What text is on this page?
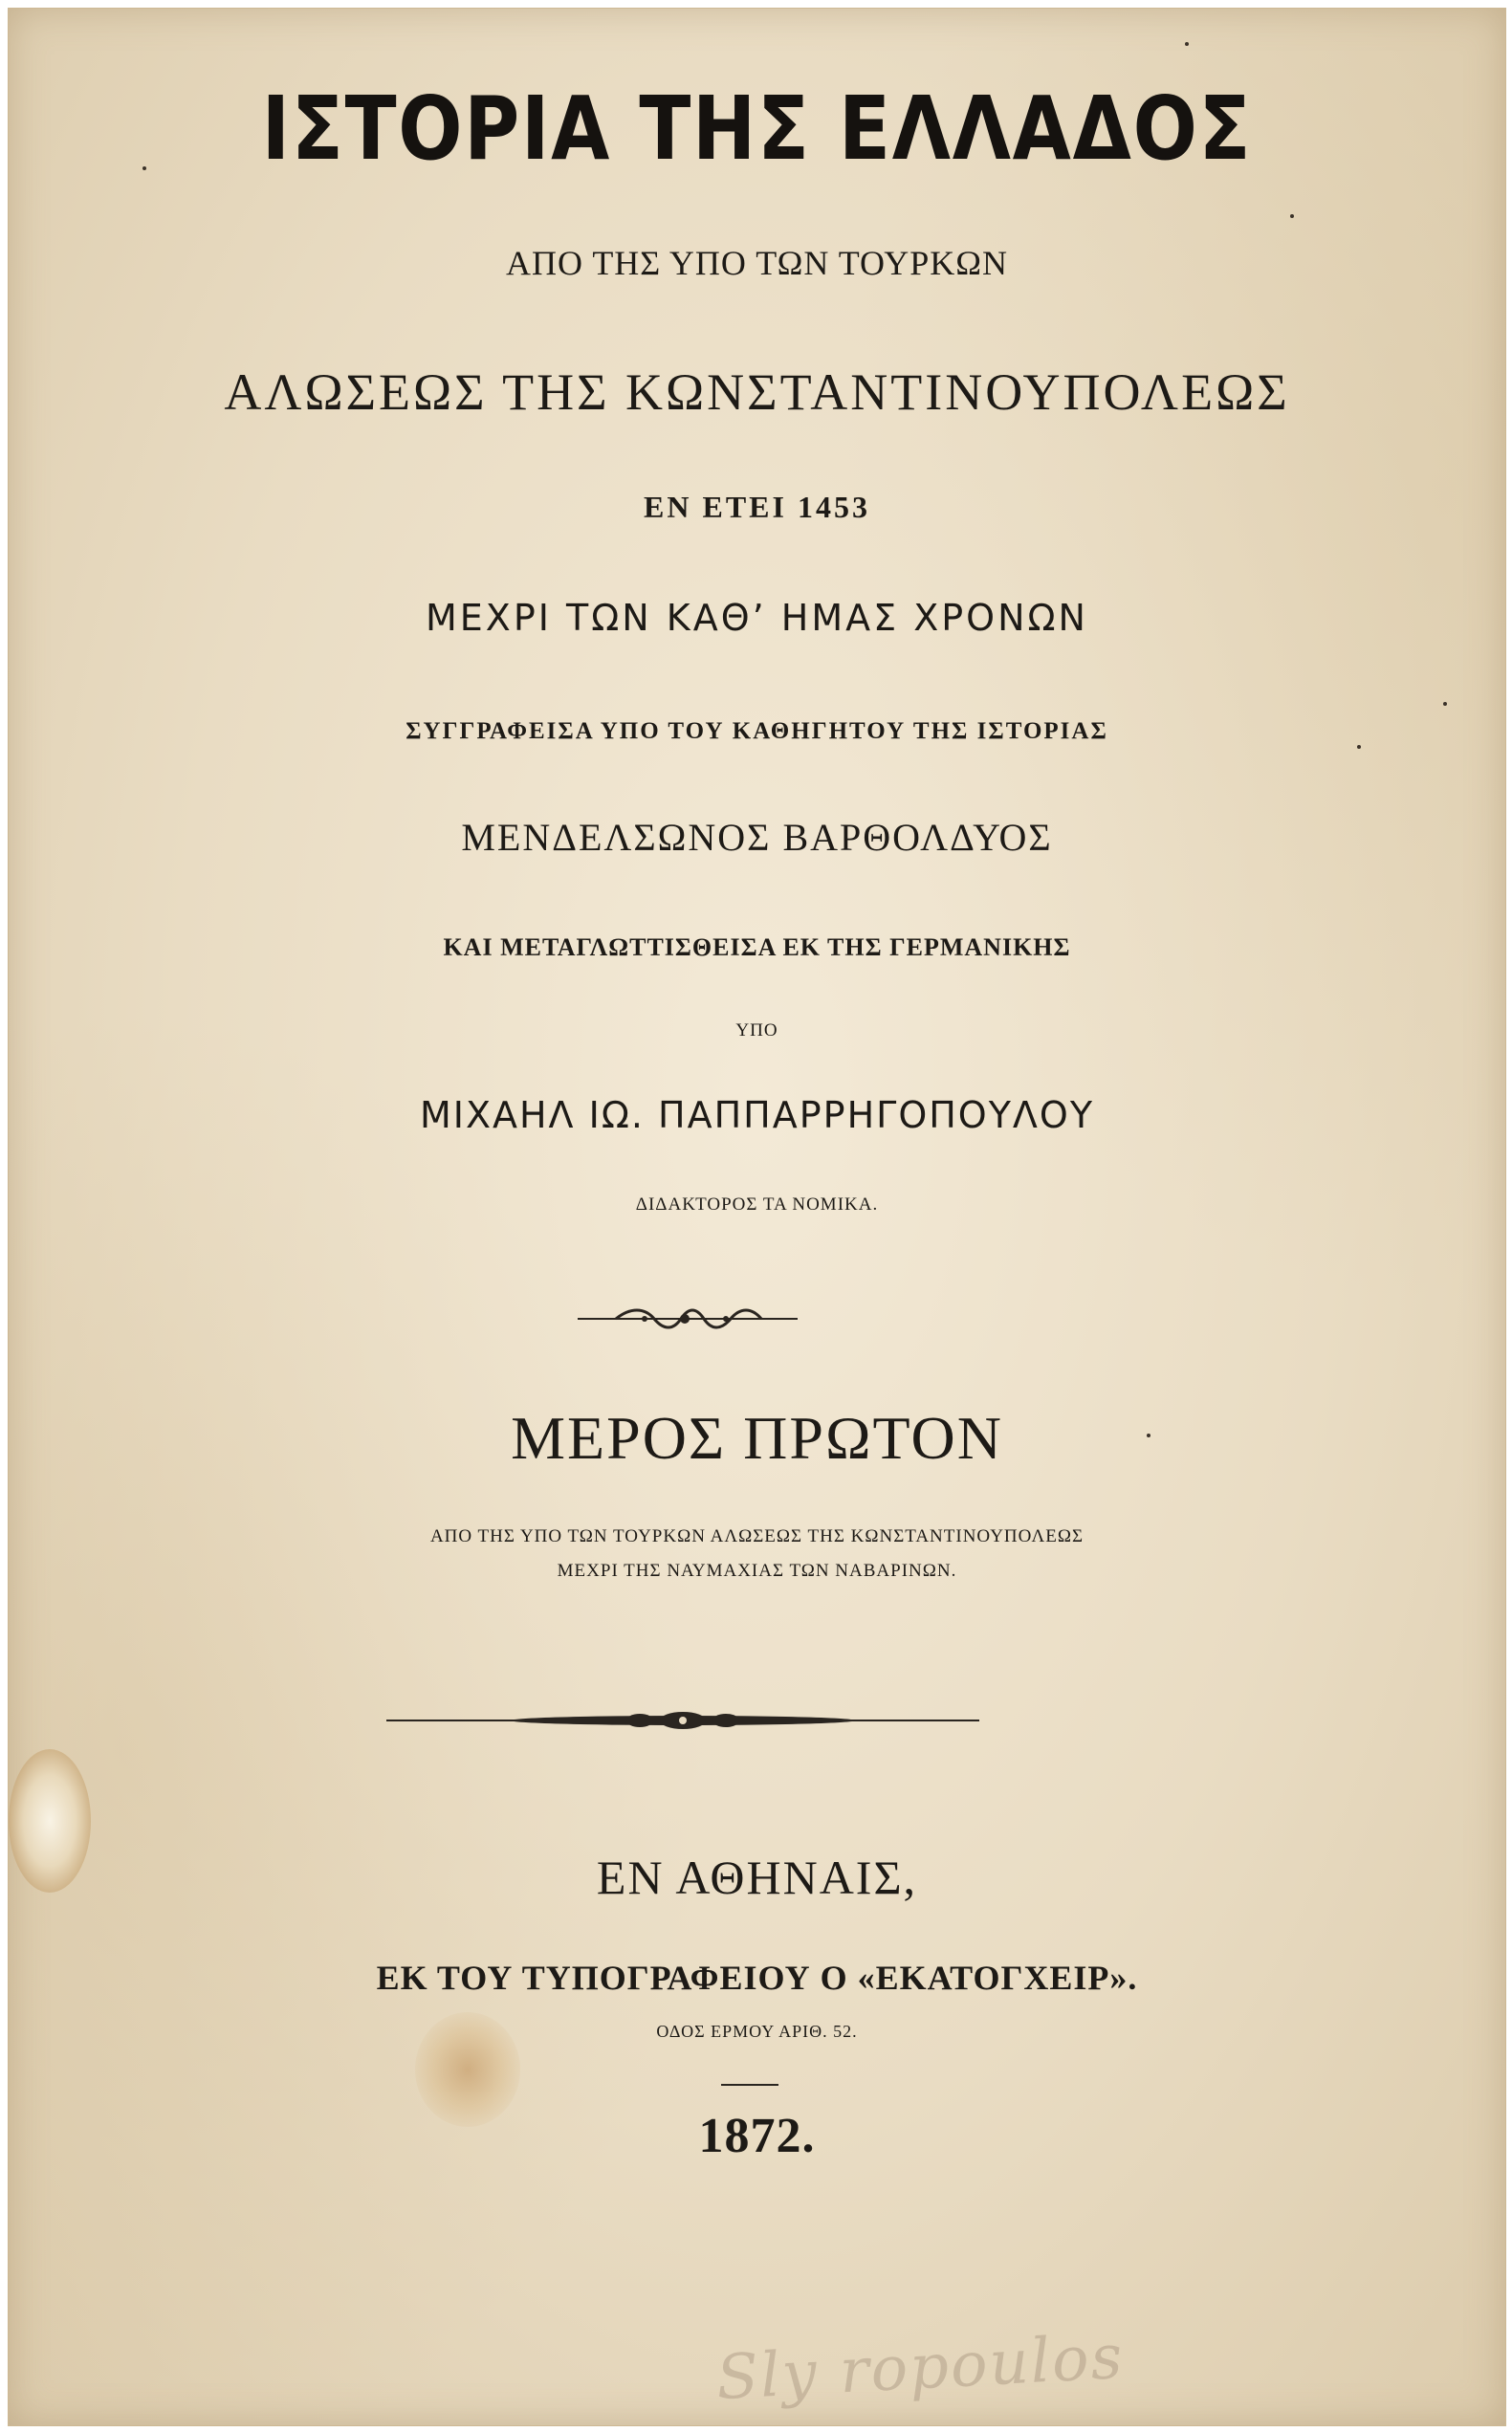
ΙΣΤΟΡΙΑ ΤΗΣ ΕΛΛΑΔΟΣ
ΑΠΟ ΤΗΣ ΥΠΟ ΤΩΝ ΤΟΥΡΚΩΝ
ΑΛΩΣΕΩΣ ΤΗΣ ΚΩΝΣΤΑΝΤΙΝΟΥΠΟΛΕΩΣ
ΕΝ ΕΤΕΙ 1453
ΜΕΧΡΙ ΤΩΝ ΚΑΘ’ ΗΜΑΣ ΧΡΟΝΩΝ
ΣΥΓΓΡΑΦΕΙΣΑ ΥΠΟ ΤΟΥ ΚΑΘΗΓΗΤΟΥ ΤΗΣ ΙΣΤΟΡΙΑΣ
ΜΕΝΔΕΛΣΩΝΟΣ ΒΑΡΘΟΛΔΥΟΣ
ΚΑΙ ΜΕΤΑΓΛΩΤΤΙΣΘΕΙΣΑ ΕΚ ΤΗΣ ΓΕΡΜΑΝΙΚΗΣ
ΥΠΟ
ΜΙΧΑΗΛ ΙΩ. ΠΑΠΠΑΡΡΗΓΟΠΟΥΛΟΥ
ΔΙΔΑΚΤΟΡΟΣ ΤΑ ΝΟΜΙΚΑ.
ΜΕΡΟΣ ΠΡΩΤΟΝ
ΑΠΟ ΤΗΣ ΥΠΟ ΤΩΝ ΤΟΥΡΚΩΝ ΑΛΩΣΕΩΣ ΤΗΣ ΚΩΝΣΤΑΝΤΙΝΟΥΠΟΛΕΩΣ
ΜΕΧΡΙ ΤΗΣ ΝΑΥΜΑΧΙΑΣ ΤΩΝ ΝΑΒΑΡΙΝΩΝ.
ΕΝ ΑΘΗΝΑΙΣ,
ΕΚ ΤΟΥ ΤΥΠΟΓΡΑΦΕΙΟΥ Ο «ΕΚΑΤΟΓΧΕΙΡ».
ΟΔΟΣ ΕΡΜΟΥ ΑΡΙΘ. 52.
1872.
Sly ropoulos
